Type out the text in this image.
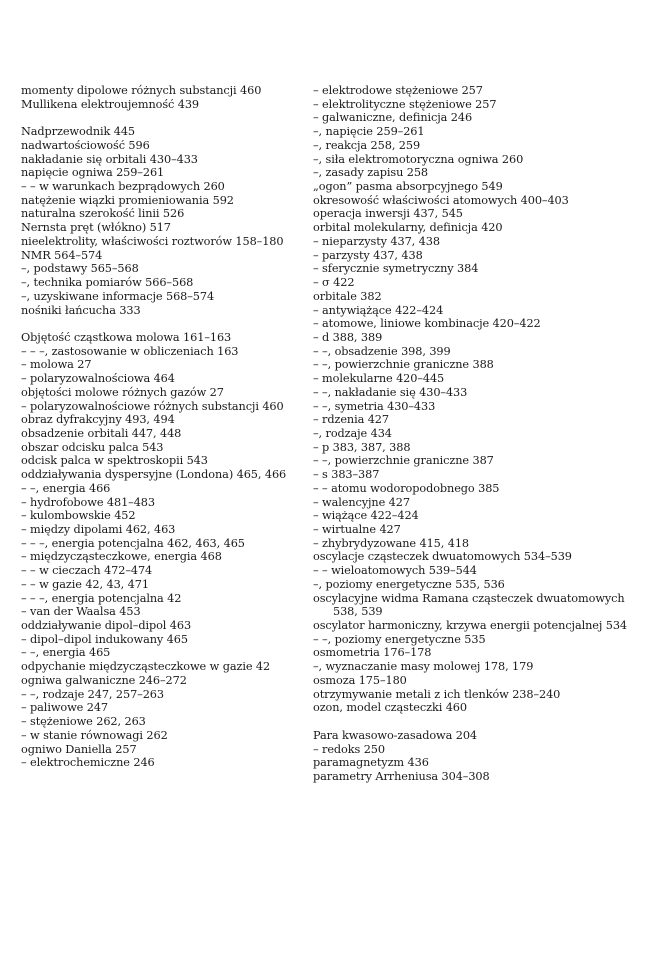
momenty dipolowe różnych substancji 460
Mullikena elektroujemność 439
Nadprzewodnik 445
nadwartościowość 596
nakładanie się orbitali 430–433
napięcie ogniwa 259–261
– – w warunkach bezprądowych 260
natężenie wiązki promieniowania 592
naturalna szerokość linii 526
Nernsta pręt (włókno) 517
nieelektrolity, właściwości roztworów 158–180
NMR 564–574
–, podstawy 565–568
–, technika pomiarów 566–568
–, uzyskiwane informacje 568–574
nośniki łańcucha 333
Objętość cząstkowa molowa 161–163
– – –, zastosowanie w obliczeniach 163
– molowa 27
– polaryzowalnościowa 464
objętości molowe różnych gazów 27
– polaryzowalnościowe różnych substancji 460
obraz dyfrakcyjny 493, 494
obsadzenie orbitali 447, 448
obszar odcisku palca 543
odcisk palca w spektroskopii 543
oddziaływania dyspersyjne (Londona) 465, 466
– –, energia 466
– hydrofobowe 481–483
– kulombowskie 452
– między dipolami 462, 463
– – –, energia potencjalna 462, 463, 465
– międzycząsteczkowe, energia 468
– – w cieczach 472–474
– – w gazie 42, 43, 471
– – –, energia potencjalna 42
– van der Waalsa 453
oddziaływanie dipol–dipol 463
– dipol–dipol indukowany 465
– –, energia 465
odpychanie międzycząsteczkowe w gazie 42
ogniwa galwaniczne 246–272
– –, rodzaje 247, 257–263
– paliwowe 247
– stężeniowe 262, 263
– w stanie równowagi 262
ogniwo Daniella 257
– elektrochemiczne 246
– elektrodowe stężeniowe 257
– elektrolityczne stężeniowe 257
– galwaniczne, definicja 246
–, napięcie 259–261
–, reakcja 258, 259
–, siła elektromotoryczna ogniwa 260
–, zasady zapisu 258
„ogon” pasma absorpcyjnego 549
okresowość właściwości atomowych 400–403
operacja inwersji 437, 545
orbital molekularny, definicja 420
– nieparzysty 437, 438
– parzysty 437, 438
– sferycznie symetryczny 384
– σ 422
orbitale 382
– antywiążące 422–424
– atomowe, liniowe kombinacje 420–422
– d 388, 389
– –, obsadzenie 398, 399
– –, powierzchnie graniczne 388
– molekularne 420–445
– –, nakładanie się 430–433
– –, symetria 430–433
– rdzenia 427
–, rodzaje 434
– p 383, 387, 388
– –, powierzchnie graniczne 387
– s 383–387
– – atomu wodoropodobnego 385
– walencyjne 427
– wiążące 422–424
– wirtualne 427
– zhybrydyzowane 415, 418
oscylacje cząsteczek dwuatomowych 534–539
– – wieloatomowych 539–544
–, poziomy energetyczne 535, 536
oscylacyjne widma Ramana cząsteczek dwuatomowych 538, 539
oscylator harmoniczny, krzywa energii potencjalnej 534
– –, poziomy energetyczne 535
osmometria 176–178
–, wyznaczanie masy molowej 178, 179
osmoza 175–180
otrzymywanie metali z ich tlenków 238–240
ozon, model cząsteczki 460
Para kwasowo-zasadowa 204
– redoks 250
paramagnetyzm 436
parametry Arrheniusa 304–308
